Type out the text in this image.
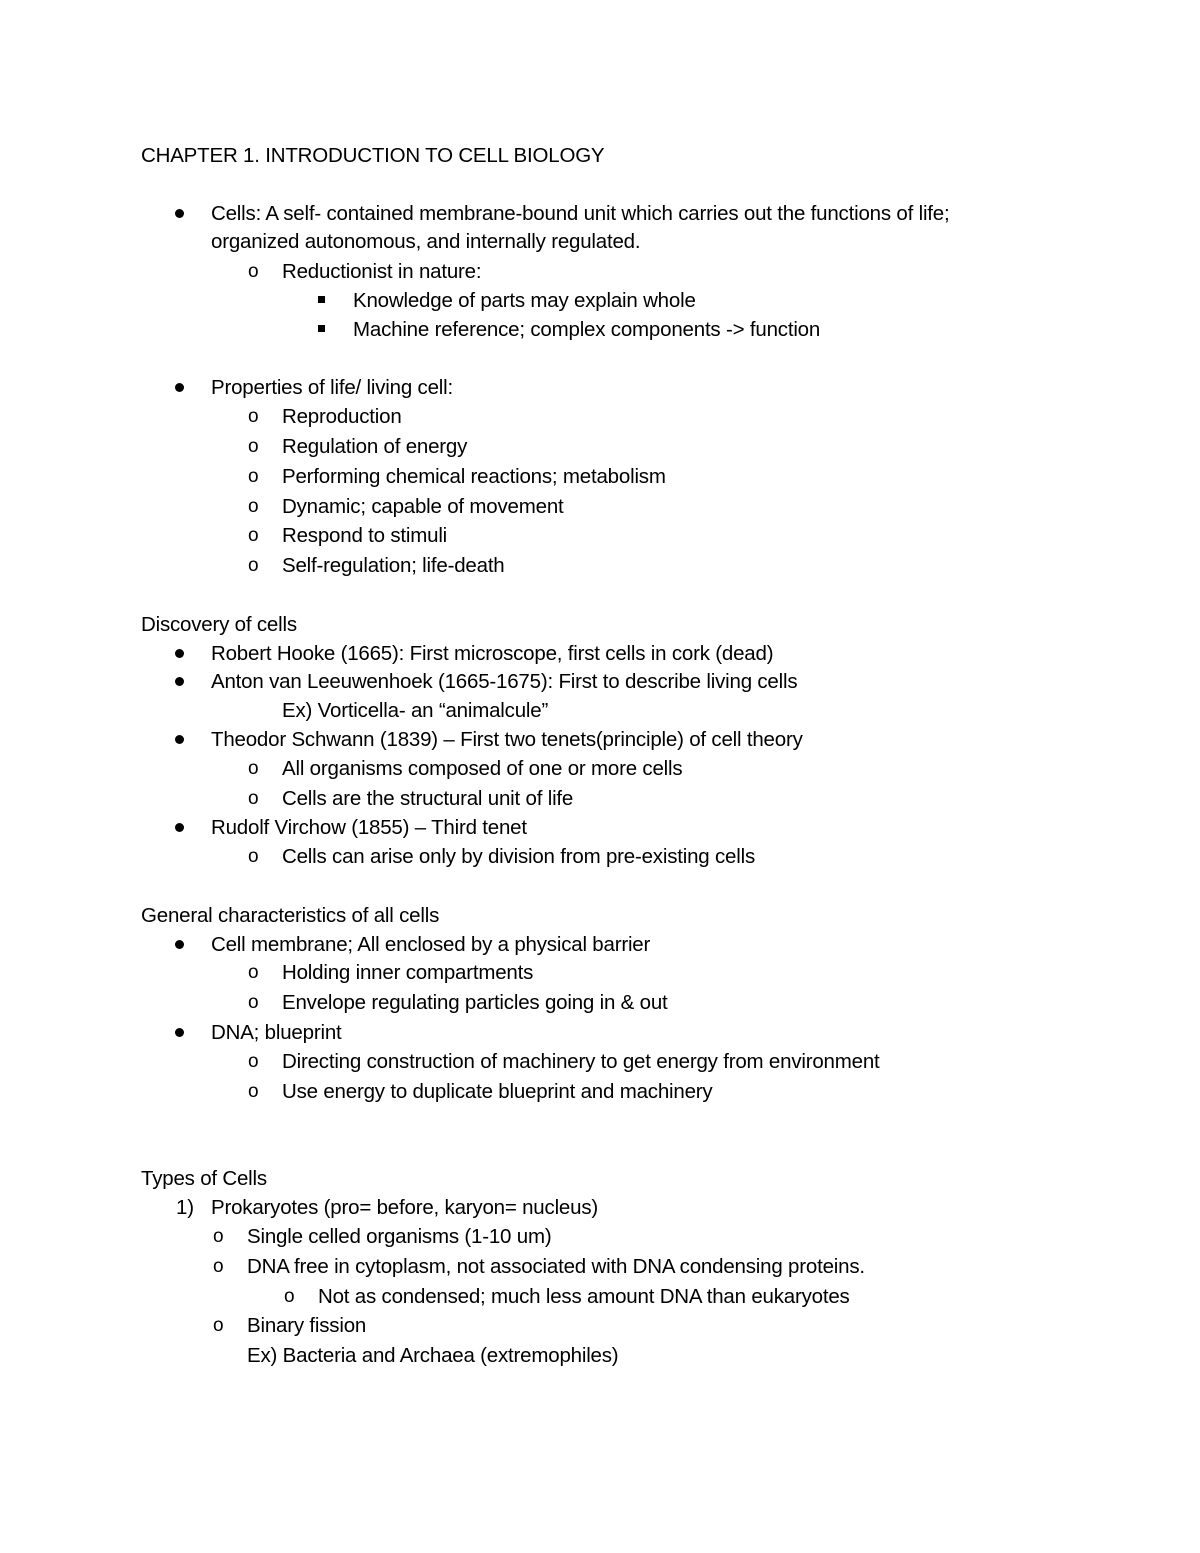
CHAPTER 1. INTRODUCTION TO CELL BIOLOGY
Cells: A self- contained membrane-bound unit which carries out the functions of life;
organized autonomous, and internally regulated.
o Reductionist in nature:
Knowledge of parts may explain whole
Machine reference; complex components -> function
Properties of life/ living cell:
o Reproduction
o Regulation of energy
o Performing chemical reactions; metabolism
o Dynamic; capable of movement
o Respond to stimuli
o Self-regulation; life-death
Discovery of cells
Robert Hooke (1665): First microscope, first cells in cork (dead)
Anton van Leeuwenhoek (1665-1675): First to describe living cells
Ex) Vorticella- an “animalcule”
Theodor Schwann (1839) – First two tenets(principle) of cell theory
o All organisms composed of one or more cells
o Cells are the structural unit of life
Rudolf Virchow (1855) – Third tenet
o Cells can arise only by division from pre-existing cells
General characteristics of all cells
Cell membrane; All enclosed by a physical barrier
o Holding inner compartments
o Envelope regulating particles going in & out
DNA; blueprint
o Directing construction of machinery to get energy from environment
o Use energy to duplicate blueprint and machinery
Types of Cells
1) Prokaryotes (pro= before, karyon= nucleus)
o Single celled organisms (1-10 um)
o DNA free in cytoplasm, not associated with DNA condensing proteins.
o Not as condensed; much less amount DNA than eukaryotes
o Binary fission
Ex) Bacteria and Archaea (extremophiles)
